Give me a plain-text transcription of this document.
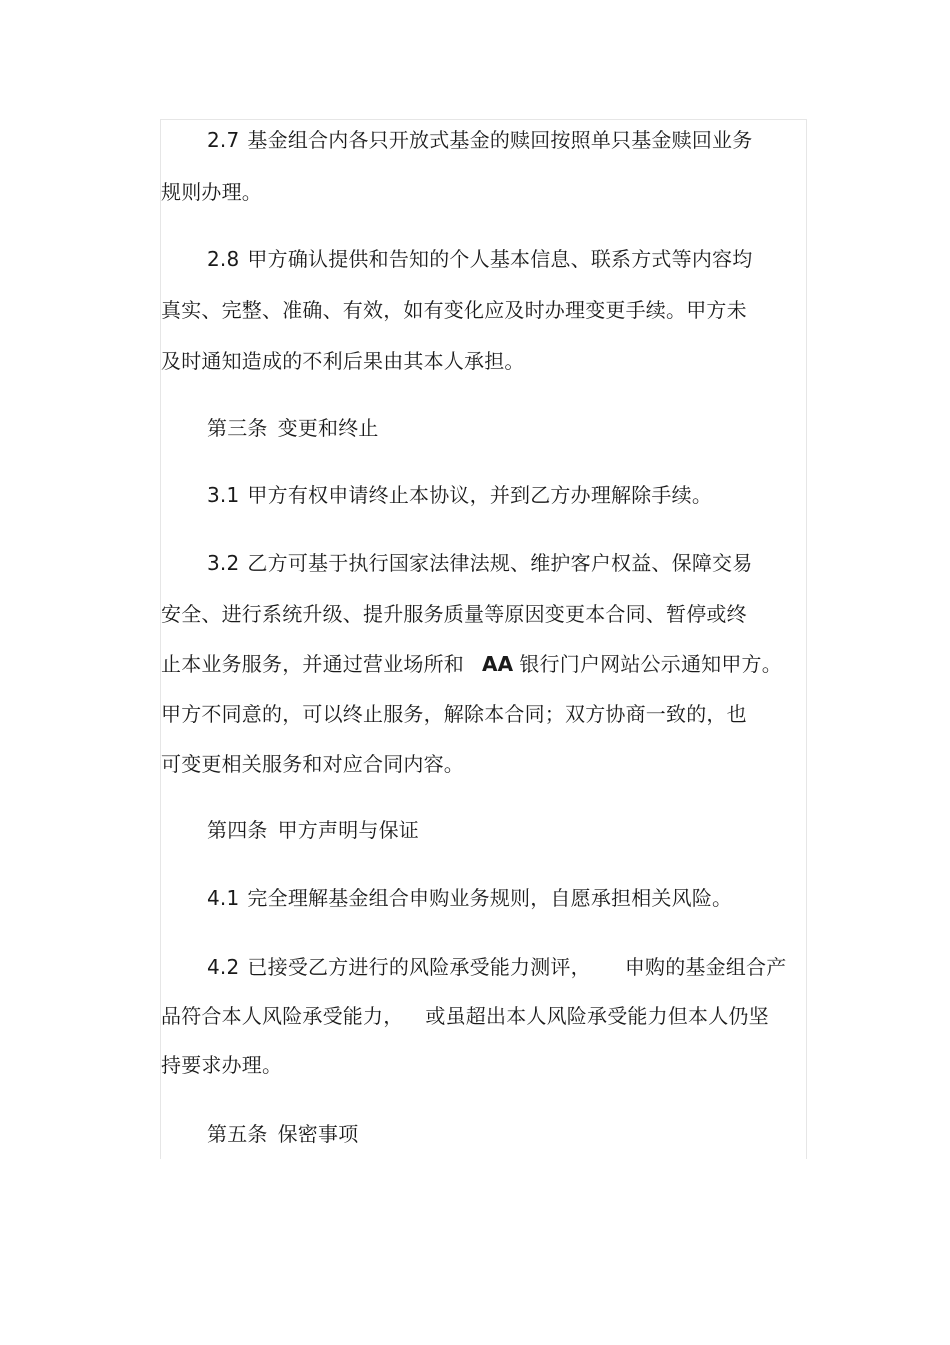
2.7 基金组合内各只开放式基金的赎回按照单只基金赎回业务
规则办理。
2.8 甲方确认提供和告知的个人基本信息、联系方式等内容均
真实、完整、准确、有效，如有变化应及时办理变更手续。甲方未
及时通知造成的不利后果由其本人承担。
第三条 变更和终止
3.1 甲方有权申请终止本协议，并到乙方办理解除手续。
3.2 乙方可基于执行国家法律法规、维护客户权益、保障交易
安全、进行系统升级、提升服务质量等原因变更本合同、暂停或终
止本业务服务，并通过营业场所和 AA 银行门户网站公示通知甲方。
甲方不同意的，可以终止服务，解除本合同；双方协商一致的，也
可变更相关服务和对应合同内容。
第四条 甲方声明与保证
4.1 完全理解基金组合申购业务规则，自愿承担相关风险。
4.2 已接受乙方进行的风险承受能力测评， 申购的基金组合产
品符合本人风险承受能力， 或虽超出本人风险承受能力但本人仍坚
持要求办理。
第五条 保密事项
